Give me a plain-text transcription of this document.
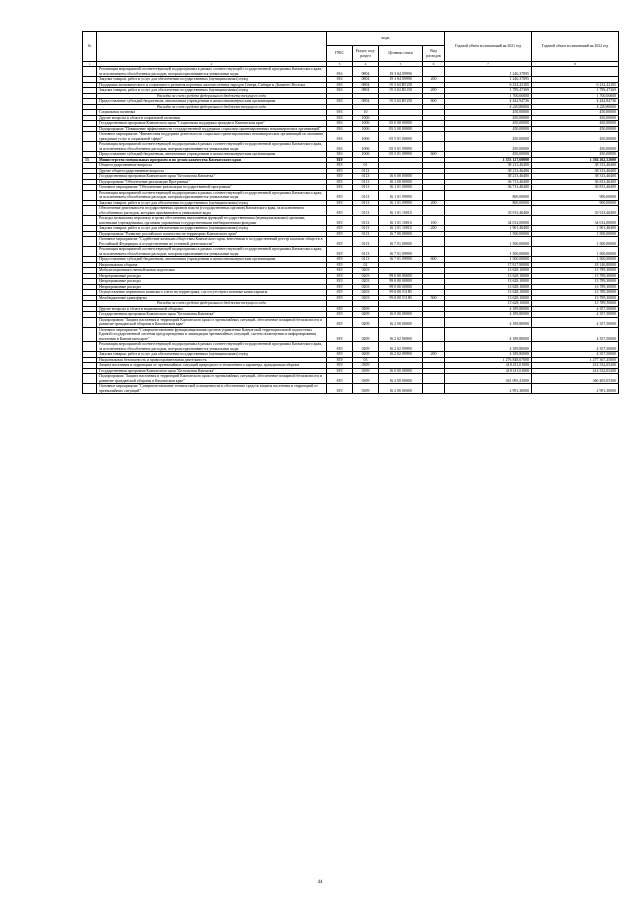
№		коды				Годовой объем ассигнований на 2021 год	Годовой объем ассигнований на 2022 год
		ГРБС	Раздел, под-раздел	Целевая статья	Вид расходов		
1	2	3	4	5	6	7	8
	Реализация мероприятий соответствующей подпрограммы в рамках соответствующей государственной программы Камчатского края, за исключением обособленных расходов, которым присваиваются уникальные коды	816	0804	19 3 04 09990		1 246,37895	
	Закупка товаров, работ и услуг для обеспечения государственных (муниципальных) нужд	816	0804	19 3 04 09990	200	1 246,37895	
	Поддержка экономического и социального развития коренных малочисленных народов Севера, Сибири и Дальнего Востока	816	0804	19 3 04 R5150		6 232,42105	6 232,42105
	Закупка товаров, работ и услуг для обеспечения государственных (муниципальных) нужд	816	0804	19 3 04 R5150	200	1 789,47369	1 789,47369
	Расходы за счет средств федерального бюджета текущего года					1 700,00000	1 700,00000
	Предоставление субсидий бюджетным, автономным учреждениям и иным некоммерческим организациям	816	0804	19 3 04 R5150	600	4 442,94736	4 442,94736
	Расходы за счет средств федерального бюджета текущего года					4 220,80000	4 220,80000
	Социальная политика	816	10			450,00000	450,00000
	Другие вопросы в области социальной политики	816	1006			450,00000	450,00000
	Государственная программа Камчатского края "Социальная поддержка граждан в Камчатском крае"	816	1006	05 0 00 00000		450,00000	450,00000
	Подпрограмма "Повышение эффективности государственной поддержки социально ориентированных некоммерческих организаций"	816	1006	05 5 00 00000		450,00000	450,00000
	Основное мероприятие "Финансовая поддержка деятельности социально ориентированных некоммерческих организаций по оказанию гражданам услуг в социальной сфере"	816	1006	05 5 01 00000		450,00000	450,00000
	Реализация мероприятий соответствующей подпрограммы в рамках соответствующей государственной программы Камчатского края, за исключением обособленных расходов, которым присваиваются уникальные коды	816	1006	05 5 01 09990		450,00000	450,00000
	Предоставление субсидий бюджетным, автономным учреждениям и иным некоммерческим организациям	816	1006	05 5 01 09990	600	450,00000	450,00000
15	Министерство специальных программ и по делам казачества Камчатского края	819				1 353 127,69000	1 394 262,52000
	Общегосударственные вопросы	819	01			38 213,46400	38 313,46400
	Другие общегосударственные вопросы	819	0113			38 213,46400	38 313,46400
	Государственная программа Камчатского края "Безопасная Камчатка"	819	0113	16 0 00 00000		38 213,46400	38 313,46400
	Подпрограмма "Обеспечение реализации Программы"	819	0113	16 1 00 00000		36 713,46400	36 813,46400
	Основное мероприятие "Обеспечение реализации государственной программы"	819	0113	16 1 01 00000		36 713,46400	36 813,46400
	Реализация мероприятий соответствующей подпрограммы в рамках соответствующей государственной программы Камчатского края, за исключением обособленных расходов, которым присваиваются уникальные коды	819	0113	16 1 01 09990		800,00000	900,00000
	Закупка товаров, работ и услуг для обеспечения государственных (муниципальных) нужд	819	0113	16 1 01 09990	200	800,00000	900,00000
	Обеспечение деятельности государственных органов власти (государственных органов) Камчатского края, за исключением обособленных расходов, которым присваиваются уникальные коды	819	0113	16 1 01 10010		35 913,46400	35 913,46400
	Расходы на выплаты персоналу в целях обеспечения выполнения функций государственными (муниципальными) органами, казенными учреждениями, органами управления государственными внебюджетными фондами	819	0113	16 1 01 10010	100	34 012,00000	34 012,00000
	Закупка товаров, работ и услуг для обеспечения государственных (муниципальных) нужд	819	0113	16 1 01 10010	200	1 901,46400	1 901,46400
	Подпрограмма "Развитие российского казачества на территории Камчатского края"	819	0113	16 7 00 00000		1 500,00000	1 500,00000
	Основное мероприятие "Содействие казачьим обществам Камчатского края, внесенным в государственный реестр казачьих обществ в Российской Федерации, в осуществлении их уставной деятельности"	819	0113	16 7 01 00000		1 500,00000	1 500,00000
	Реализация мероприятий соответствующей подпрограммы в рамках соответствующей государственной программы Камчатского края, за исключением обособленных расходов, которым присваиваются уникальные коды	819	0113	16 7 01 09990		1 500,00000	1 500,00000
	Предоставление субсидий бюджетным, автономным учреждениям и иным некоммерческим организациям	819	0113	16 7 01 09990	600	1 500,00000	1 500,00000
	Национальная оборона	819	02			17 817,90000	18 146,80000
	Мобилизационная и вневойсковая подготовка	819	0203			13 628,10000	13 789,30000
	Непрограммные расходы	819	0203	99 0 00 00000		13 628,10000	13 789,30000
	Непрограммные расходы	819	0203	99 0 00 00000		13 628,10000	13 789,30000
	Непрограммные расходы	819	0203	99 0 00 00000		13 628,10000	13 789,30000
	Осуществление первичного воинского учета на территориях, где отсутствуют военные комиссариаты	819	0203	99 0 00 51180		13 628,10000	13 789,30000
	Межбюджетные трансферты	819	0203	99 0 00 51180	500	13 628,10000	13 789,30000
	Расходы за счет средств федерального бюджета текущего года					13 628,10000	13 789,30000
	Другие вопросы в области национальной обороны	819	0209			4 189,80000	4 357,50000
	Государственная программа Камчатского края "Безопасная Камчатка"	819	0209	16 0 00 00000		4 189,80000	4 357,50000
	Подпрограмма "Защита населения и территорий Камчатского края от чрезвычайных ситуаций, обеспечение пожарной безопасности и развитие гражданской обороны в Камчатском крае"	819	0209	16 2 00 00000		4 189,80000	4 357,50000
	Основное мероприятие "Совершенствование функционирования органов управления Камчатской территориальной подсистемы Единой государственной системы предупреждения и ликвидации чрезвычайных ситуаций, систем оповещения и информирования населения в Камчатском крае"	819	0209	16 2 02 00000		4 189,80000	4 357,50000
	Реализация мероприятий соответствующей подпрограммы в рамках соответствующей государственной программы Камчатского края, за исключением обособленных расходов, которым присваиваются уникальные коды	819	0209	16 2 02 09990		4 189,80000	4 357,50000
	Закупка товаров, работ и услуг для обеспечения государственных (муниципальных) нужд	819	0209	16 2 02 09990	200	4 189,80000	4 357,50000
	Национальная безопасность и правоохранительная деятельность	819	03			1 276 848,67000	1 277 367,45000
	Защита населения и территории от чрезвычайных ситуаций природного и техногенного характера, гражданская оборона	819	0309			418 411,01000	414 532,05200
	Государственная программа Камчатского края "Безопасная Камчатка"	819	0309	16 0 00 00000		418 411,01000	414 532,05200
	Подпрограмма "Защита населения и территорий Камчатского края от чрезвычайных ситуаций, обеспечение пожарной безопасности и развитие гражданской обороны в Камчатском крае"	819	0309	16 2 00 00000		361 095,41000	360 405,05200
	Основное мероприятие "Совершенствование технической оснащенности и обеспечение средств защиты населения и территорий от чрезвычайных ситуаций"	819	0309	16 2 06 00000		2 991,30000	2 991,30000
44
